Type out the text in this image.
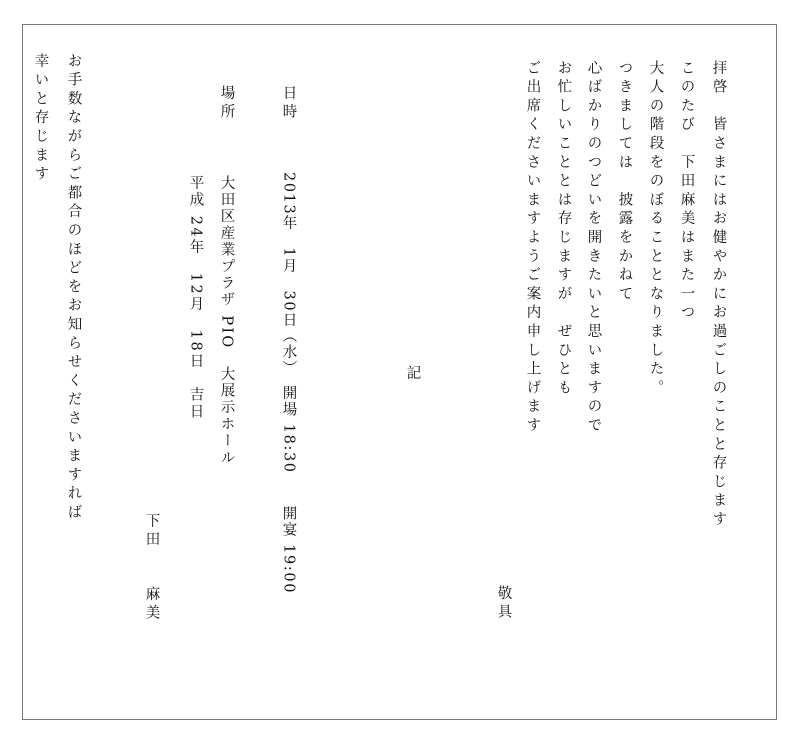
拝啓　皆さまにはお健やかにお過ごしのことと存じます
このたび　下田麻美はまた一つ
大人の階段をのぼることとなりました。
つきましては　披露をかねて
心ばかりのつどいを開きたいと思いますので
お忙しいこととは存じますが　ぜひとも
ご出席くださいますようご案内申し上げます
敬具
記
日時
2013年　1月　30日（水）　開場 18:30　　開宴 19:00
場所
大田区産業プラザ PIO　大展示ホール
平成 24年　12月　18日　吉日
下田　　麻美
お手数ながらご都合のほどをお知らせくださいますれば
幸いと存じます
